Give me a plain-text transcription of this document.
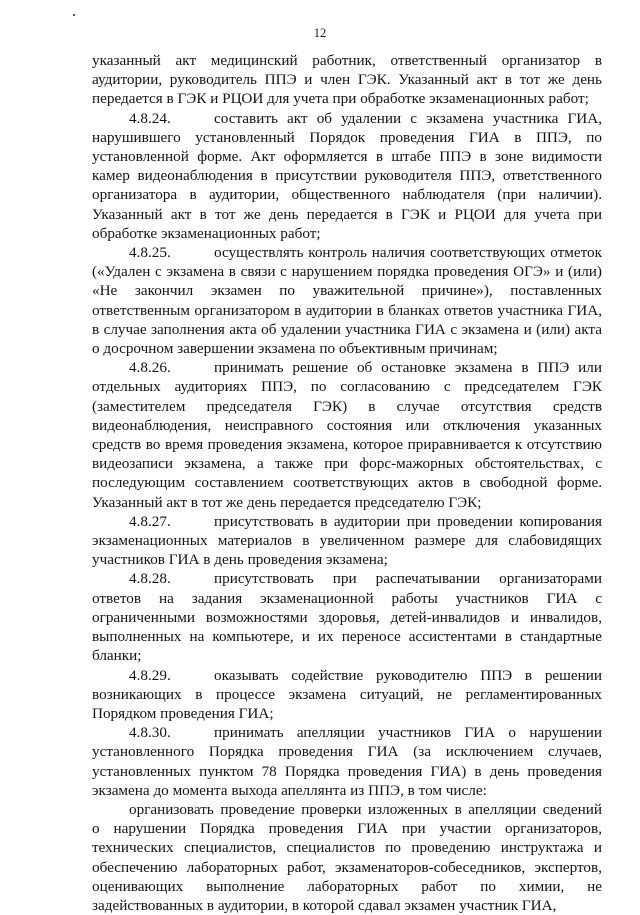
12

указанный акт медицинский работник, ответственный организатор в аудитории, руководитель ППЭ и член ГЭК. Указанный акт в тот же день передается в ГЭК и РЦОИ для учета при обработке экзаменационных работ;

4.8.24.	составить акт об удалении с экзамена участника ГИА,

нарушившего установленный Порядок проведения ГИА в ППЭ, по установленной форме. Акт оформляется в штабе ППЭ в зоне видимости камер видеонаблюдения в присутствии руководителя ППЭ, ответственного организатора в аудитории, общественного наблюдателя (при наличии). Указанный акт в тот же день передается в ГЭК и РЦОИ для учета при обработке экзаменационных работ;

4.8.25.	осуществлять контроль наличия соответствующих отметок

(«Удален с экзамена в связи с нарушением порядка проведения ОГЭ» и (или) «Не закончил экзамен по уважительной причине»), поставленных ответственным организатором в аудитории в бланках ответов участника ГИА, в случае заполнения акта об удалении участника ГИА с экзамена и (или) акта о досрочном завершении экзамена по объективным причинам;

4.8.26.	принимать решение об остановке экзамена в ППЭ или

отдельных аудиториях ППЭ, по согласованию с председателем ГЭК (заместителем председателя ГЭК) в случае отсутствия средств видеонаблюдения, неисправного состояния или отключения указанных средств во время проведения экзамена, которое приравнивается к отсутствию видеозаписи экзамена, а также при форс-мажорных обстоятельствах, с последующим составлением соответствующих актов в свободной форме. Указанный акт в тот же день передается председателю ГЭК;

4.8.27.	присутствовать в аудитории при проведении копирования

экзаменационных материалов в увеличенном размере для слабовидящих участников ГИА в день проведения экзамена;

4.8.28.	присутствовать при распечатывании организаторами

ответов на задания экзаменационной работы участников ГИА с ограниченными возможностями здоровья, детей-инвалидов и инвалидов, выполненных на компьютере, и их переносе ассистентами в стандартные бланки;

4.8.29.	оказывать содействие руководителю ППЭ в решении

возникающих в процессе экзамена ситуаций, не регламентированных Порядком проведения ГИА;

4.8.30.	принимать апелляции участников ГИА о нарушении

установленного Порядка проведения ГИА (за исключением случаев, установленных пунктом 78 Порядка проведения ГИА) в день проведения экзамена до момента выхода апеллянта из ППЭ, в том числе:

организовать проведение проверки изложенных в апелляции сведений

о нарушении Порядка проведения ГИА при участии организаторов, технических специалистов, специалистов по проведению инструктажа и обеспечению лабораторных работ, экзаменаторов-собеседников, экспертов, оценивающих выполнение лабораторных работ по химии, не задействованных в аудитории, в которой сдавал экзамен участник ГИА,
